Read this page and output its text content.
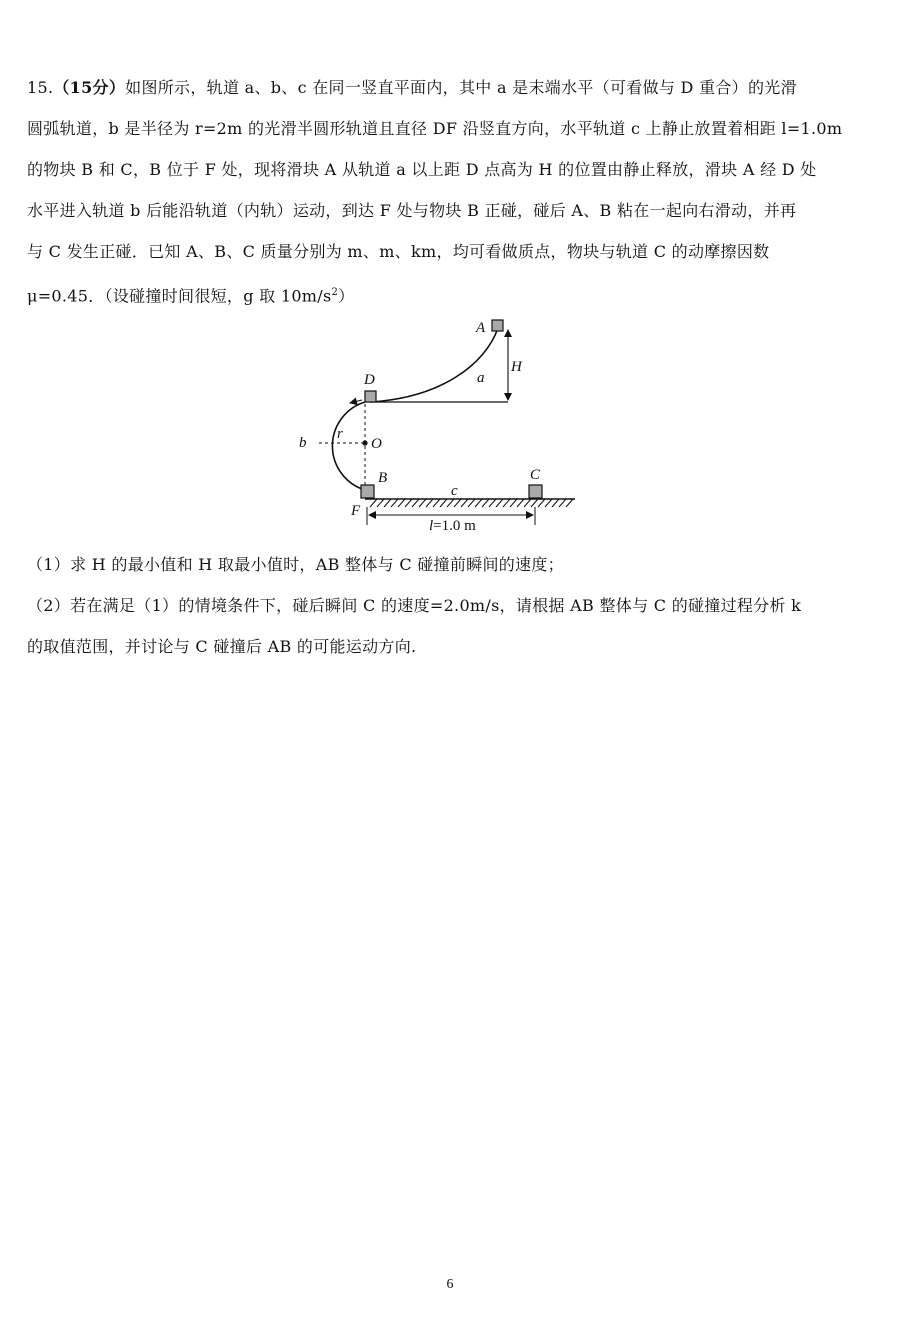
15.（15分）如图所示，轨道 a、b、c 在同一竖直平面内，其中 a 是末端水平（可看做与 D 重合）的光滑
圆弧轨道，b 是半径为 r=2m 的光滑半圆形轨道且直径 DF 沿竖直方向，水平轨道 c 上静止放置着相距 l=1.0m
的物块 B 和 C，B 位于 F 处，现将滑块 A 从轨道 a 以上距 D 点高为 H 的位置由静止释放，滑块 A 经 D 处
水平进入轨道 b 后能沿轨道（内轨）运动，到达 F 处与物块 B 正碰，碰后 A、B 粘在一起向右滑动，并再
与 C 发生正碰．已知 A、B、C 质量分别为 m、m、km，均可看做质点，物块与轨道 C 的动摩擦因数
μ=0.45．（设碰撞时间很短，g 取 $10m/s^2$）
A
H
a
D
b
r
O
B	C
c
F
l=1.0 m
（1）求 H 的最小值和 H 取最小值时，AB 整体与 C 碰撞前瞬间的速度；
（2）若在满足（1）的情境条件下，碰后瞬间 C 的速度=2.0m/s，请根据 AB 整体与 C 的碰撞过程分析 k
的取值范围，并讨论与 C 碰撞后 AB 的可能运动方向.
6
